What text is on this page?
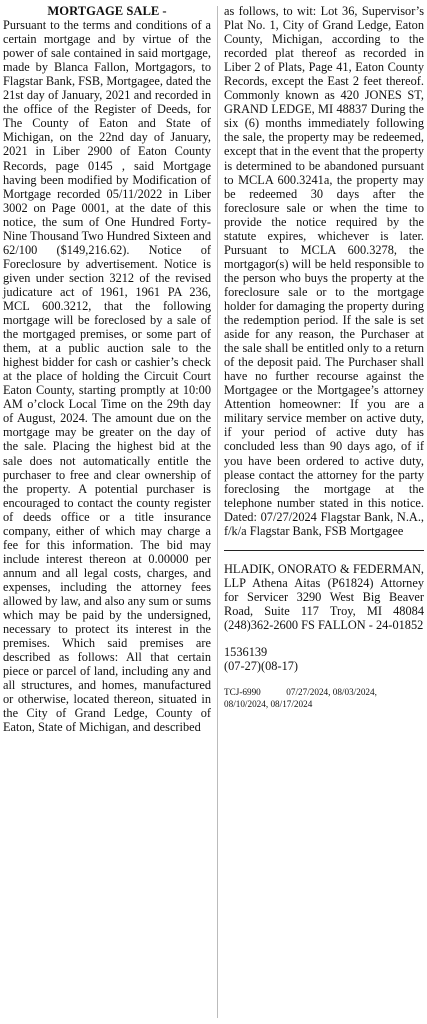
MORTGAGE SALE -

Pursuant to the terms and conditions of a certain mortgage and by virtue of the power of sale contained in said mortgage, made by Blanca Fallon, Mortgagors, to Flagstar Bank, FSB, Mortgagee, dated the 21st day of January, 2021 and recorded in the office of the Register of Deeds, for The County of Eaton and State of Michigan, on the 22nd day of January, 2021 in Liber 2900 of Eaton County Records, page 0145 , said Mortgage having been modified by Modification of Mortgage recorded 05/11/2022 in Liber 3002 on Page 0001, at the date of this notice, the sum of One Hundred Forty-Nine Thousand Two Hundred Sixteen and 62/100 ($149,216.62). Notice of Foreclosure by advertisement. Notice is given under section 3212 of the revised judicature act of 1961, 1961 PA 236, MCL 600.3212, that the following mortgage will be foreclosed by a sale of the mortgaged premises, or some part of them, at a public auction sale to the highest bidder for cash or cashier’s check at the place of holding the Circuit Court Eaton County, starting promptly at 10:00 AM o’clock Local Time on the 29th day of August, 2024. The amount due on the mortgage may be greater on the day of the sale. Placing the highest bid at the sale does not automatically entitle the purchaser to free and clear ownership of the property. A potential purchaser is encouraged to contact the county register of deeds office or a title insurance company, either of which may charge a fee for this information. The bid may include interest thereon at 0.00000 per annum and all legal costs, charges, and expenses, including the attorney fees allowed by law, and also any sum or sums which may be paid by the undersigned, necessary to protect its interest in the premises. Which said premises are described as follows: All that certain piece or parcel of land, including any and all structures, and homes, manufactured or otherwise, located thereon, situated in the City of Grand Ledge, County of Eaton, State of Michigan, and described

as follows, to wit: Lot 36, Supervisor’s Plat No. 1, City of Grand Ledge, Eaton County, Michigan, according to the recorded plat thereof as recorded in Liber 2 of Plats, Page 41, Eaton County Records, except the East 2 feet thereof. Commonly known as 420 JONES ST, GRAND LEDGE, MI 48837 During the six (6) months immediately following the sale, the property may be redeemed, except that in the event that the property is determined to be abandoned pursuant to MCLA 600.3241a, the property may be redeemed 30 days after the foreclosure sale or when the time to provide the notice required by the statute expires, whichever is later. Pursuant to MCLA 600.3278, the mortgagor(s) will be held responsible to the person who buys the property at the foreclosure sale or to the mortgage holder for damaging the property during the redemption period. If the sale is set aside for any reason, the Purchaser at the sale shall be entitled only to a return of the deposit paid. The Purchaser shall have no further recourse against the Mortgagee or the Mortgagee’s attorney Attention homeowner: If you are a military service member on active duty, if your period of active duty has concluded less than 90 days ago, of if you have been ordered to active duty, please contact the attorney for the party foreclosing the mortgage at the telephone number stated in this notice. Dated: 07/27/2024 Flagstar Bank, N.A., f/k/a Flagstar Bank, FSB Mortgagee

HLADIK, ONORATO & FEDERMAN, LLP Athena Aitas (P61824) Attorney for Servicer 3290 West Big Beaver Road, Suite 117 Troy, MI 48084 (248)362-2600 FS FALLON - 24-01852

1536139

(07-27)(08-17)

TCJ-6990	07/27/2024, 08/03/2024,
08/10/2024, 08/17/2024
